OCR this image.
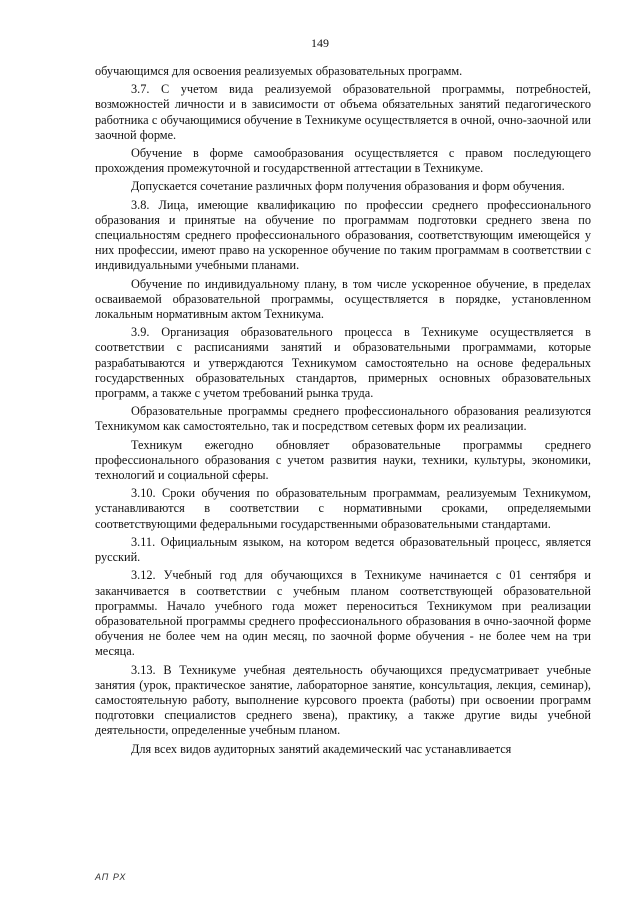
149

обучающимся для освоения реализуемых образовательных программ.

3.7. С учетом вида реализуемой образовательной программы, потребностей, возможностей личности и в зависимости от объема обязательных занятий педагогического работника с обучающимися обучение в Техникуме осуществляется в очной, очно-заочной или заочной форме.

Обучение в форме самообразования осуществляется с правом последующего прохождения промежуточной и государственной аттестации в Техникуме.

Допускается сочетание различных форм получения образования и форм обучения.

3.8. Лица, имеющие квалификацию по профессии среднего профессионального образования и принятые на обучение по программам подготовки среднего звена по специальностям среднего профессионального образования, соответствующим имеющейся у них профессии, имеют право на ускоренное обучение по таким программам в соответствии с индивидуальными учебными планами.

Обучение по индивидуальному плану, в том числе ускоренное обучение, в пределах осваиваемой образовательной программы, осуществляется в порядке, установленном локальным нормативным актом Техникума.

3.9. Организация образовательного процесса в Техникуме осуществляется в соответствии с расписаниями занятий и образовательными программами, которые разрабатываются и утверждаются Техникумом самостоятельно на основе федеральных государственных образовательных стандартов, примерных основных образовательных программ, а также с учетом требований рынка труда.

Образовательные программы среднего профессионального образования реализуются Техникумом как самостоятельно, так и посредством сетевых форм их реализации.

Техникум ежегодно обновляет образовательные программы среднего профессионального образования с учетом развития науки, техники, культуры, экономики, технологий и социальной сферы.

3.10. Сроки обучения по образовательным программам, реализуемым Техникумом, устанавливаются в соответствии с нормативными сроками, определяемыми соответствующими федеральными государственными образовательными стандартами.

3.11. Официальным языком, на котором ведется образовательный процесс, является русский.

3.12. Учебный год для обучающихся в Техникуме начинается с 01 сентября и заканчивается в соответствии с учебным планом соответствующей образовательной программы. Начало учебного года может переноситься Техникумом при реализации образовательной программы среднего профессионального образования в очно-заочной форме обучения не более чем на один месяц, по заочной форме обучения - не более чем на три месяца.

3.13. В Техникуме учебная деятельность обучающихся предусматривает учебные занятия (урок, практическое занятие, лабораторное занятие, консультация, лекция, семинар), самостоятельную работу, выполнение курсового проекта (работы) при освоении программ подготовки специалистов среднего звена), практику, а также другие виды учебной деятельности, определенные учебным планом.

Для всех видов аудиторных занятий академический час устанавливается

АП РХ
